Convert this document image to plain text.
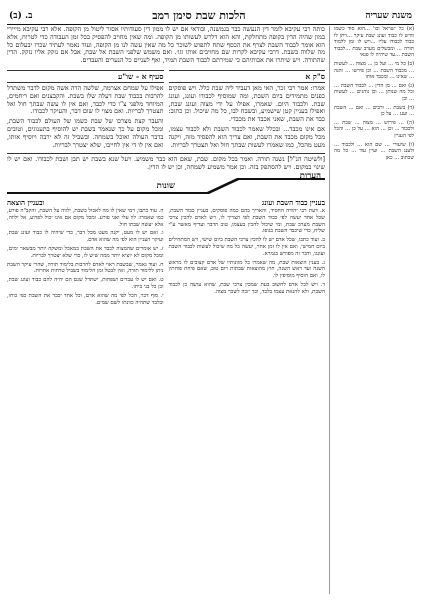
משנת שעריה
הלכות שבת סימן רמב
ב. (ב)

(א) כל ישראל וכו' ...הוא סוד כשמו והיש לו כבוד ועונג שבת עיקר ...ויתן לו כבוד לכבודו עליו ...ויש לו זמן ללמוד תורה ... ומבשלים מערב שבת ...לכבוד השבת ...עד שיהיה לו פנאי

(ב) כל מי ... ועל כן ... מצוה ... לעשות ... מכבוד השבת ... וכן פירשו ... והנה ... שאינו ... ומכבד אותו

(ג) ואם ... מן הדין ... לכבוד השבת ... וכל מה שנותן ... וכן נוהגים ... לעשות ... וכן

(ד) בשבת ... ורבים ... ואם ... השבת ... וענג ... על כן

(ה) ... פירוש ... מצוה ... שבת ... ולכבוד ... וכן ... הוא ... על כן ... והכל לפי העניין

(ו) שיעורי ... שם הוא ... ולכבוד ... ולענג השבת ... ועיין עוד ... כל מה שכתוב ... כאן

כותה רבי עקיבא לומר דין הנעשה כבר בגמשנה, ובודאי אם יש לו ממון דין סעודותיו אסור ליטול מן הקופה. אלא רבי עקיבא מייירי במון שהיה הדין בקופה מתחלקת, והא הוא דלרש לעשותו מן הקופה. ומה שאין מחויב להפסיק בכל זמן העבודה כדי לטרוח, אלא הוא אומר לכבוד השבת לצרף את הכסף שתח לתפוש לשוכר כל מה שאין עשה לנו מן הקופה, ועוד נאמר לעתיד שכרו יבעלום כל מה שלווה בשבת. דרבי עקיבא לקרות שם מחויבים אותו וגו׳. ואם משמש שלפני השבת אל שבת, אבל אם נזקק אליו נזקק. הדין שהתורה. ויש שיתרו את אבותיהם כי שמירתם לכבוד השבת תמיד, ואף לעניים כל הנערים והעבדים.

ס"ק א

אמרו: אמר רבי זכר, האי מאן דעביד ליה שבת כלל. ויש פוסקים כפנים מתמידים ביום השבת, ומה שמוסיף לכבודו ועונג, ועונג שבת. ולכבוד היום. שאמרו, אפילו על ידי מצוה ועונג שבת, ואפילו בעניין קטן שישמיע, ובשבח לבו, כל מה שיכול. וכן כתוב: כבד את השבת, שאני אכבד את מכבדי.

אם אינו מכבד... ובכלל שאמר לכבוד השבת ולא לכבוד עצמו, מכל מקום מכבד את השבת, ואם צריך הוא להפסיד מזה, ויקנה מעט מהכל, כמו שאמרו לעשות שבתך חול ואל תצטרך לבריות.

סעיף א - שו"ע

אפילו על שמחם אצרמה, שלשה הדה אשה מקום לדבר משתדל להרבות בכבוד שבת דעלה שלו בשבת. והקבצנים ואם ריחמים, המיוחד מלפני צ"ו כדי לכבד, ואם אין לו עשה שבתך חול ואל תצטרך לבריות. ואם מצוי לו שום דבר, והעיקר לכבודו.

והעבר קצת מצרכו של שבת כשמו של העולם לכבוד השבת, ומכל מקום על כך שנאמר בשבת יש להוסיף בתענוגים, וטובים בדבר העולה ואוכל בשמחה. ובשביל זה לא ירבה ויוסיף אותו, ואם אין לו די אין לחייבו, שלא יצטרך לבריות.

[ולשיטה הנ"ל] נשנה תורה. ואמר בכל מקום. שבת, שאם הוא כבר משמיע. ויעל שנא בשבת יש תבן ושבת לכבודו. ואם יש לו שינוי במקום. ויש להסתפק בזה. וכן אמר משמיע לשמחה, וכן יש לו הדין.

הערות
שונות
בעניין כבוד השבת ועונג
ובעניין הוצאה

א. דעת רבי יהודה החסיד, והאריך בהם כמה פוסקים, בעניין כבוד השבת, שכל אחד יעשה לפי כבוד השבת לפי הצריך לו, ויש לאדם להכין צרכי השבת מערב שבת, ומי שיכול להכין בעצמו, טוב הדבר ועדיף מאשר ע"י שליח, כדי שיכבד השבת בגופו.

ב. ועוד כתבו, שכל אדם יש לו להכין צרכי השבת ביום שישי, ויש המתחילים ביום חמישי, ואם אין לו זמן אחר, יעשה כל מה שיכול לעשות לכבוד השבת ועונגו, ודבר זה מפורש בגמרא.

ג. בענין הוצאות שבת, מה שאמרו כל מזונותיו של אדם קצובים לו מראש השנה ועד ראש השנה, חוץ מהוצאות שבתות ויום טוב, שאם פיחת פוחתין לו, ואם הוסיף מוסיפין לו.

ד. ויש לכל אדם לחשוב בעת שמכין צרכי שבת, שהוא עושה כן לכבוד השבת, ולא להנאת עצמו בלבד, וכך יזכה לשכר מצוה.

ה. עוד כתבו, דמי שאין לו מה לאכול בשבת, ילווה על השבת, והקב"ה פורע, כמו שאמרו: לוו עלי ואני פורע. ומכל מקום אם אינו יכול לפרוע, אל ילווה, אלא יעשה שבתו חול.

ו. ואם יש לו מעט, יקנה מעט מכל דבר, כדי שיהיה לו כבוד ועונג שבת, ועיקר העניין הוא לפי מה שהוא אדם.

ז. יש אומרים שהמצוה לכבד את השבת במאכל ומשקה יותר מבשאר ימים, ומכל מקום לא יוציא יותר ממה שיש לו, כדי שלא יצטרך לבריות.

ח. ועוד נאמר, שבשבת ראוי לאדם להרבות בלימוד תורה, שהרי עיקר השבת ניתן ללימוד תורה, ואין לבטל זמן הלימוד בשביל טרחות אחרות.

ט. ואם יש לו עבדים ושפחות, ישתדל שגם הם יהיה להם כבוד ועונג שבת, וכן כל בני ביתו.

י. סוף דבר, הכל לפי מה שהוא אדם, וכל אחד יכבד את השבת כפי כוחו, ובלבד שתהיה כוונתו לשם שמים.
